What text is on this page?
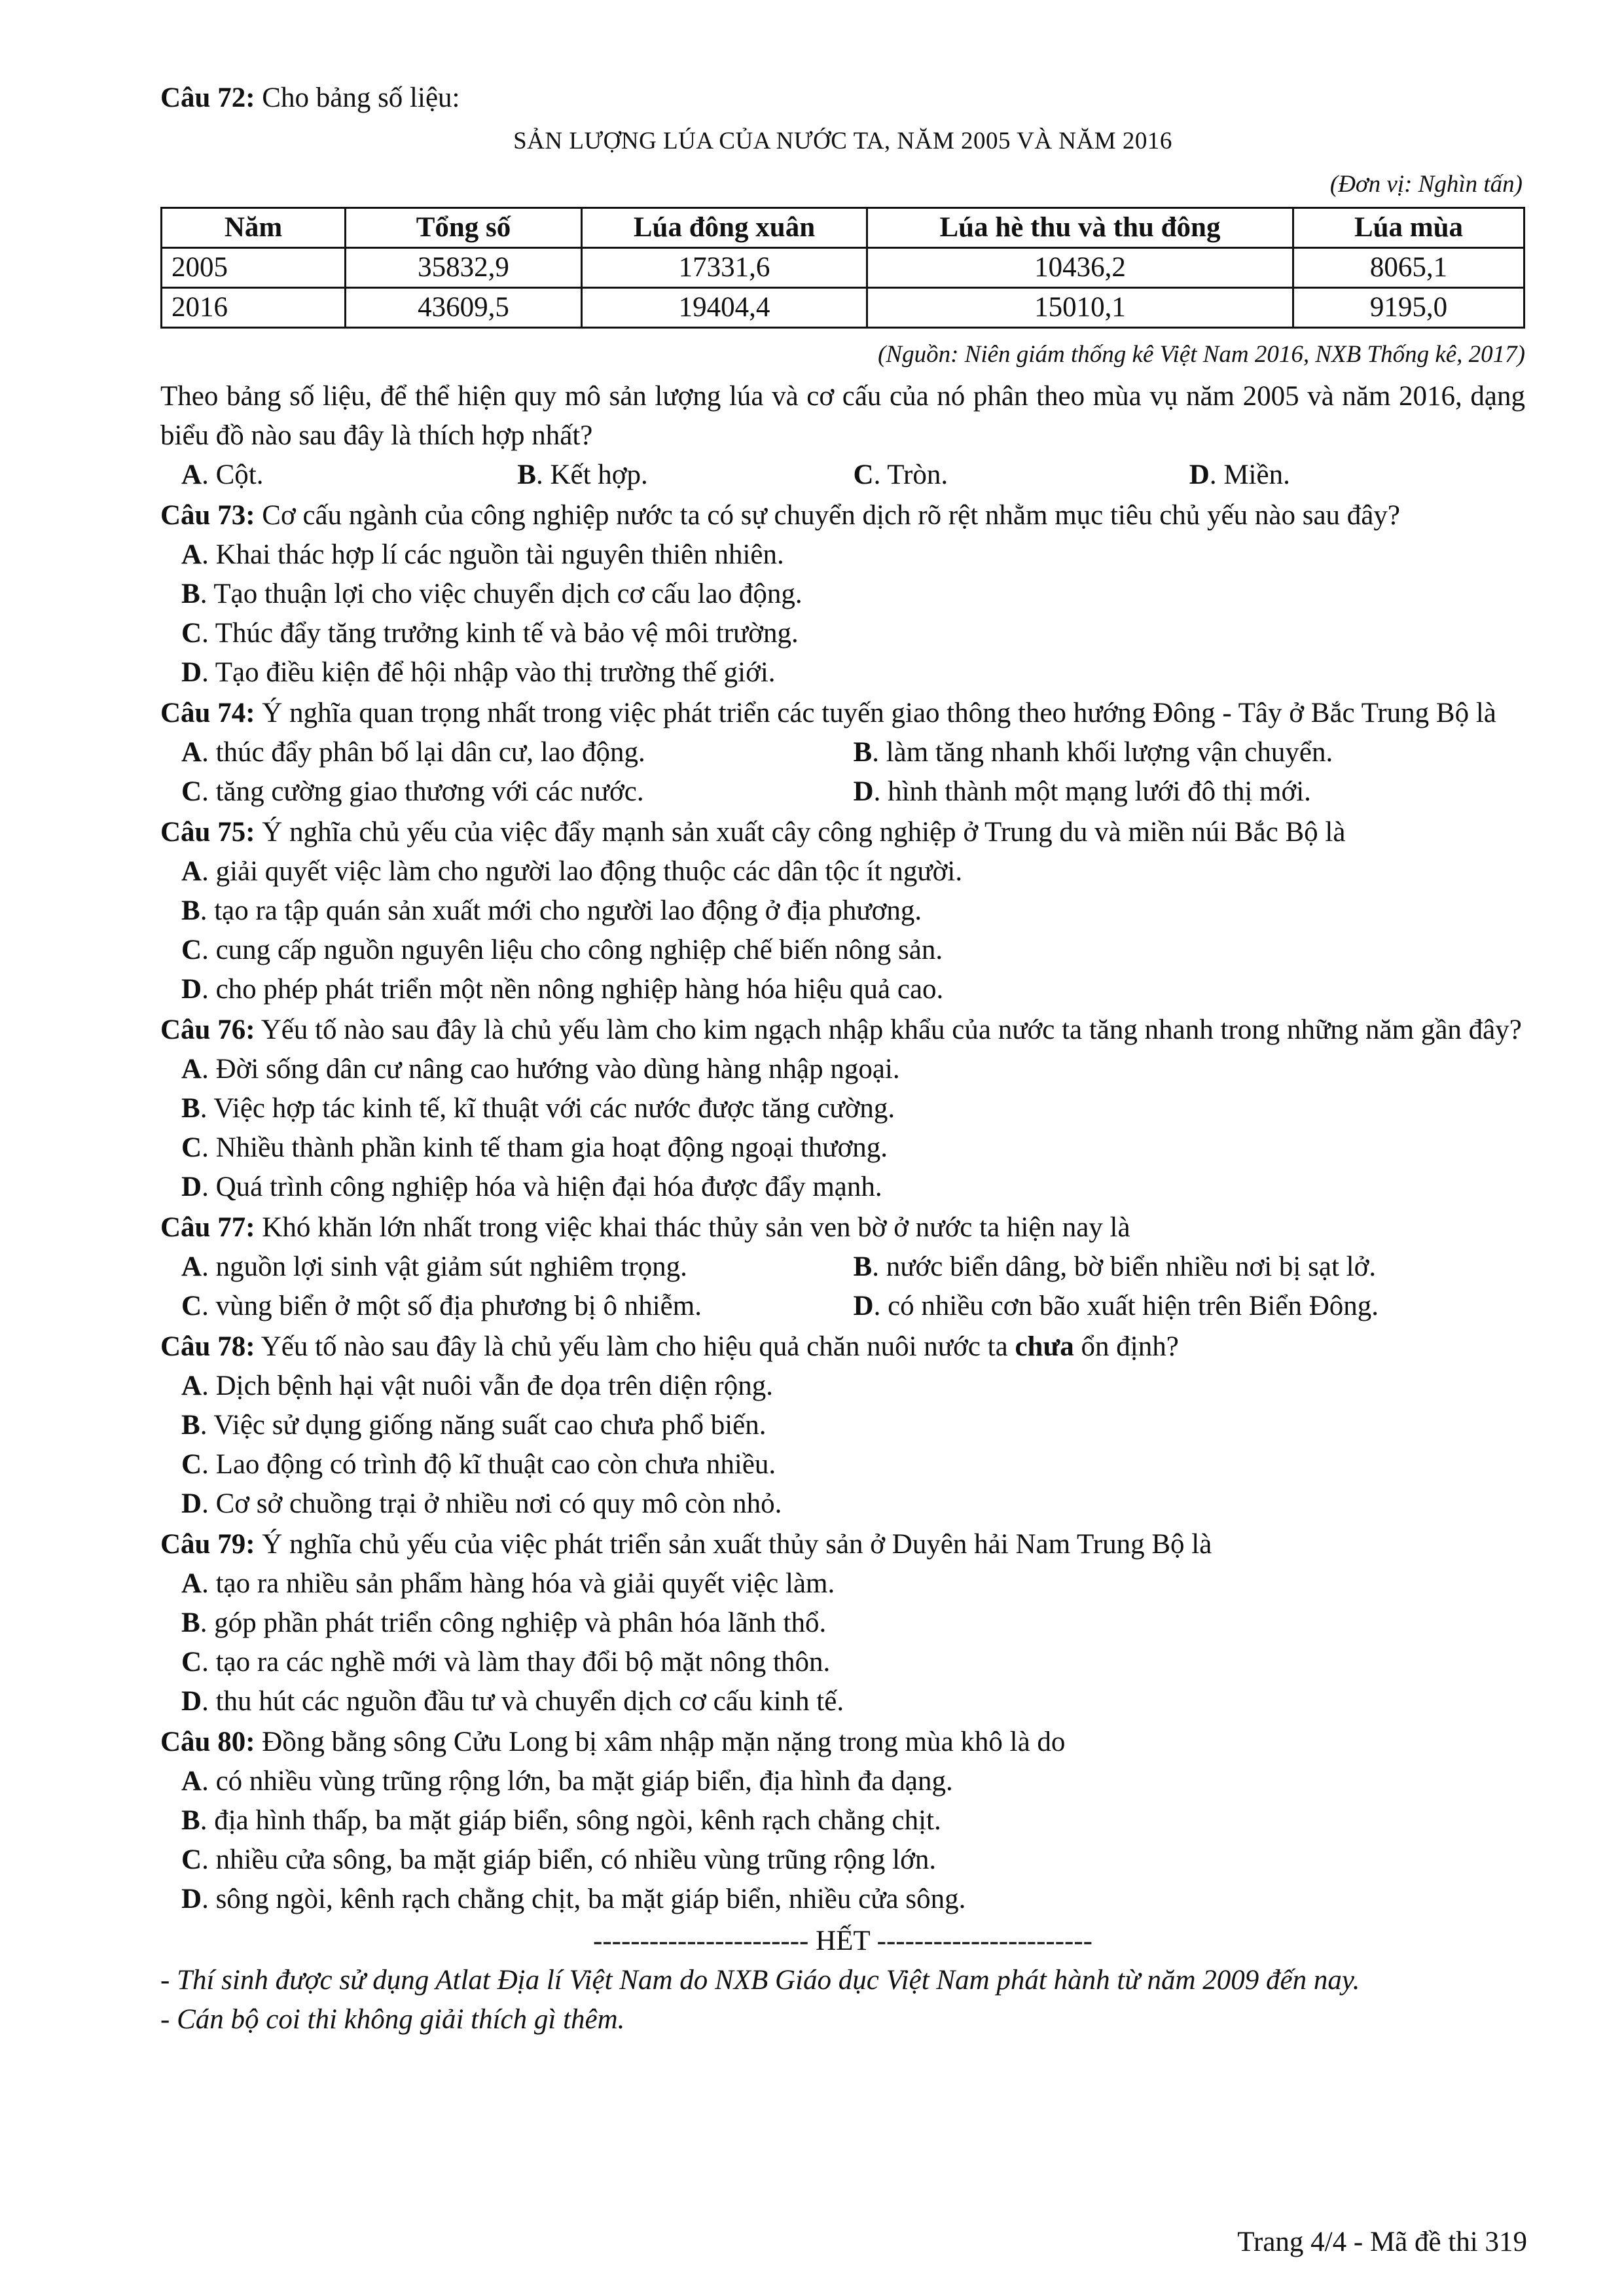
Câu 72: Cho bảng số liệu:

SẢN LƯỢNG LÚA CỦA NƯỚC TA, NĂM 2005 VÀ NĂM 2016
(Đơn vị: Nghìn tấn)
Năm	Tổng số	Lúa đông xuân	Lúa hè thu và thu đông	Lúa mùa
2005	35832,9	17331,6	10436,2	8065,1
2016	43609,5	19404,4	15010,1	9195,0
(Nguồn: Niên giám thống kê Việt Nam 2016, NXB Thống kê, 2017)

Theo bảng số liệu, để thể hiện quy mô sản lượng lúa và cơ cấu của nó phân theo mùa vụ năm 2005 và năm 2016, dạng biểu đồ nào sau đây là thích hợp nhất?

A. Cột.	B. Kết hợp.	C. Tròn.	D. Miền.

Câu 73: Cơ cấu ngành của công nghiệp nước ta có sự chuyển dịch rõ rệt nhằm mục tiêu chủ yếu nào sau đây?

A. Khai thác hợp lí các nguồn tài nguyên thiên nhiên.

B. Tạo thuận lợi cho việc chuyển dịch cơ cấu lao động.

C. Thúc đẩy tăng trưởng kinh tế và bảo vệ môi trường.

D. Tạo điều kiện để hội nhập vào thị trường thế giới.

Câu 74: Ý nghĩa quan trọng nhất trong việc phát triển các tuyến giao thông theo hướng Đông - Tây ở Bắc Trung Bộ là

A. thúc đẩy phân bố lại dân cư, lao động.	B. làm tăng nhanh khối lượng vận chuyển.
C. tăng cường giao thương với các nước.	D. hình thành một mạng lưới đô thị mới.

Câu 75: Ý nghĩa chủ yếu của việc đẩy mạnh sản xuất cây công nghiệp ở Trung du và miền núi Bắc Bộ là

A. giải quyết việc làm cho người lao động thuộc các dân tộc ít người.

B. tạo ra tập quán sản xuất mới cho người lao động ở địa phương.

C. cung cấp nguồn nguyên liệu cho công nghiệp chế biến nông sản.

D. cho phép phát triển một nền nông nghiệp hàng hóa hiệu quả cao.

Câu 76: Yếu tố nào sau đây là chủ yếu làm cho kim ngạch nhập khẩu của nước ta tăng nhanh trong những năm gần đây?

A. Đời sống dân cư nâng cao hướng vào dùng hàng nhập ngoại.

B. Việc hợp tác kinh tế, kĩ thuật với các nước được tăng cường.

C. Nhiều thành phần kinh tế tham gia hoạt động ngoại thương.

D. Quá trình công nghiệp hóa và hiện đại hóa được đẩy mạnh.

Câu 77: Khó khăn lớn nhất trong việc khai thác thủy sản ven bờ ở nước ta hiện nay là

A. nguồn lợi sinh vật giảm sút nghiêm trọng.	B. nước biển dâng, bờ biển nhiều nơi bị sạt lở.
C. vùng biển ở một số địa phương bị ô nhiễm.	D. có nhiều cơn bão xuất hiện trên Biển Đông.

Câu 78: Yếu tố nào sau đây là chủ yếu làm cho hiệu quả chăn nuôi nước ta chưa ổn định?

A. Dịch bệnh hại vật nuôi vẫn đe dọa trên diện rộng.

B. Việc sử dụng giống năng suất cao chưa phổ biến.

C. Lao động có trình độ kĩ thuật cao còn chưa nhiều.

D. Cơ sở chuồng trại ở nhiều nơi có quy mô còn nhỏ.

Câu 79: Ý nghĩa chủ yếu của việc phát triển sản xuất thủy sản ở Duyên hải Nam Trung Bộ là

A. tạo ra nhiều sản phẩm hàng hóa và giải quyết việc làm.

B. góp phần phát triển công nghiệp và phân hóa lãnh thổ.

C. tạo ra các nghề mới và làm thay đổi bộ mặt nông thôn.

D. thu hút các nguồn đầu tư và chuyển dịch cơ cấu kinh tế.

Câu 80: Đồng bằng sông Cửu Long bị xâm nhập mặn nặng trong mùa khô là do

A. có nhiều vùng trũng rộng lớn, ba mặt giáp biển, địa hình đa dạng.

B. địa hình thấp, ba mặt giáp biển, sông ngòi, kênh rạch chằng chịt.

C. nhiều cửa sông, ba mặt giáp biển, có nhiều vùng trũng rộng lớn.

D. sông ngòi, kênh rạch chằng chịt, ba mặt giáp biển, nhiều cửa sông.

----------------------- HẾT -----------------------

- Thí sinh được sử dụng Atlat Địa lí Việt Nam do NXB Giáo dục Việt Nam phát hành từ năm 2009 đến nay.

- Cán bộ coi thi không giải thích gì thêm.

Trang 4/4 - Mã đề thi 319
